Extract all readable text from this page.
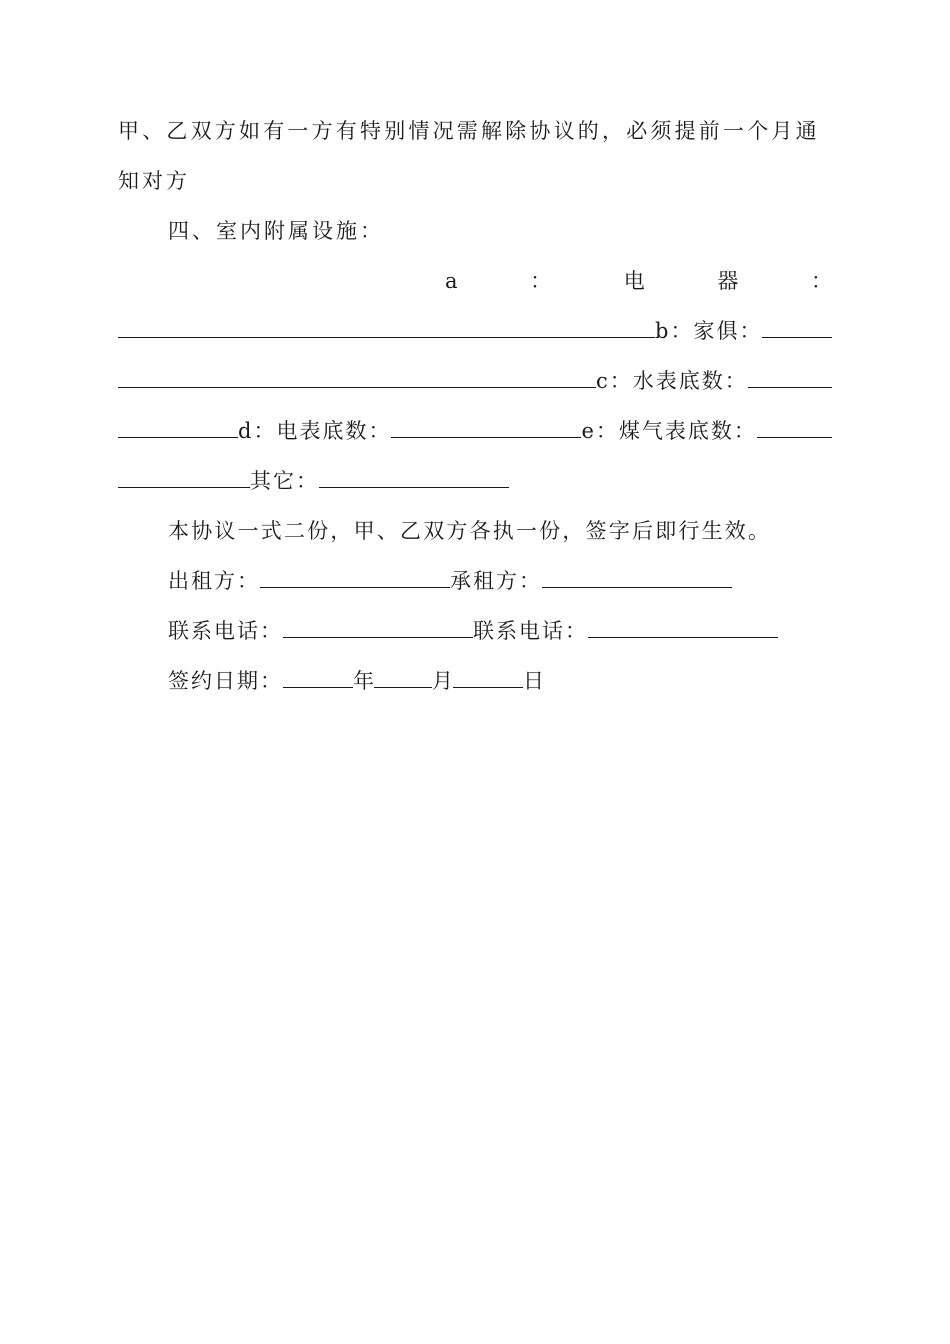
甲、乙双方如有一方有特别情况需解除协议的，必须提前一个月通
知对方
四、室内附属设施：
a	：	电	器	：
b：家俱：
c：水表底数：
d：电表底数：	e：煤气表底数：
其它：
本协议一式二份，甲、乙双方各执一份，签字后即行生效。
出租方：	承租方：
联系电话：	联系电话：
签约日期：	年	月	日
